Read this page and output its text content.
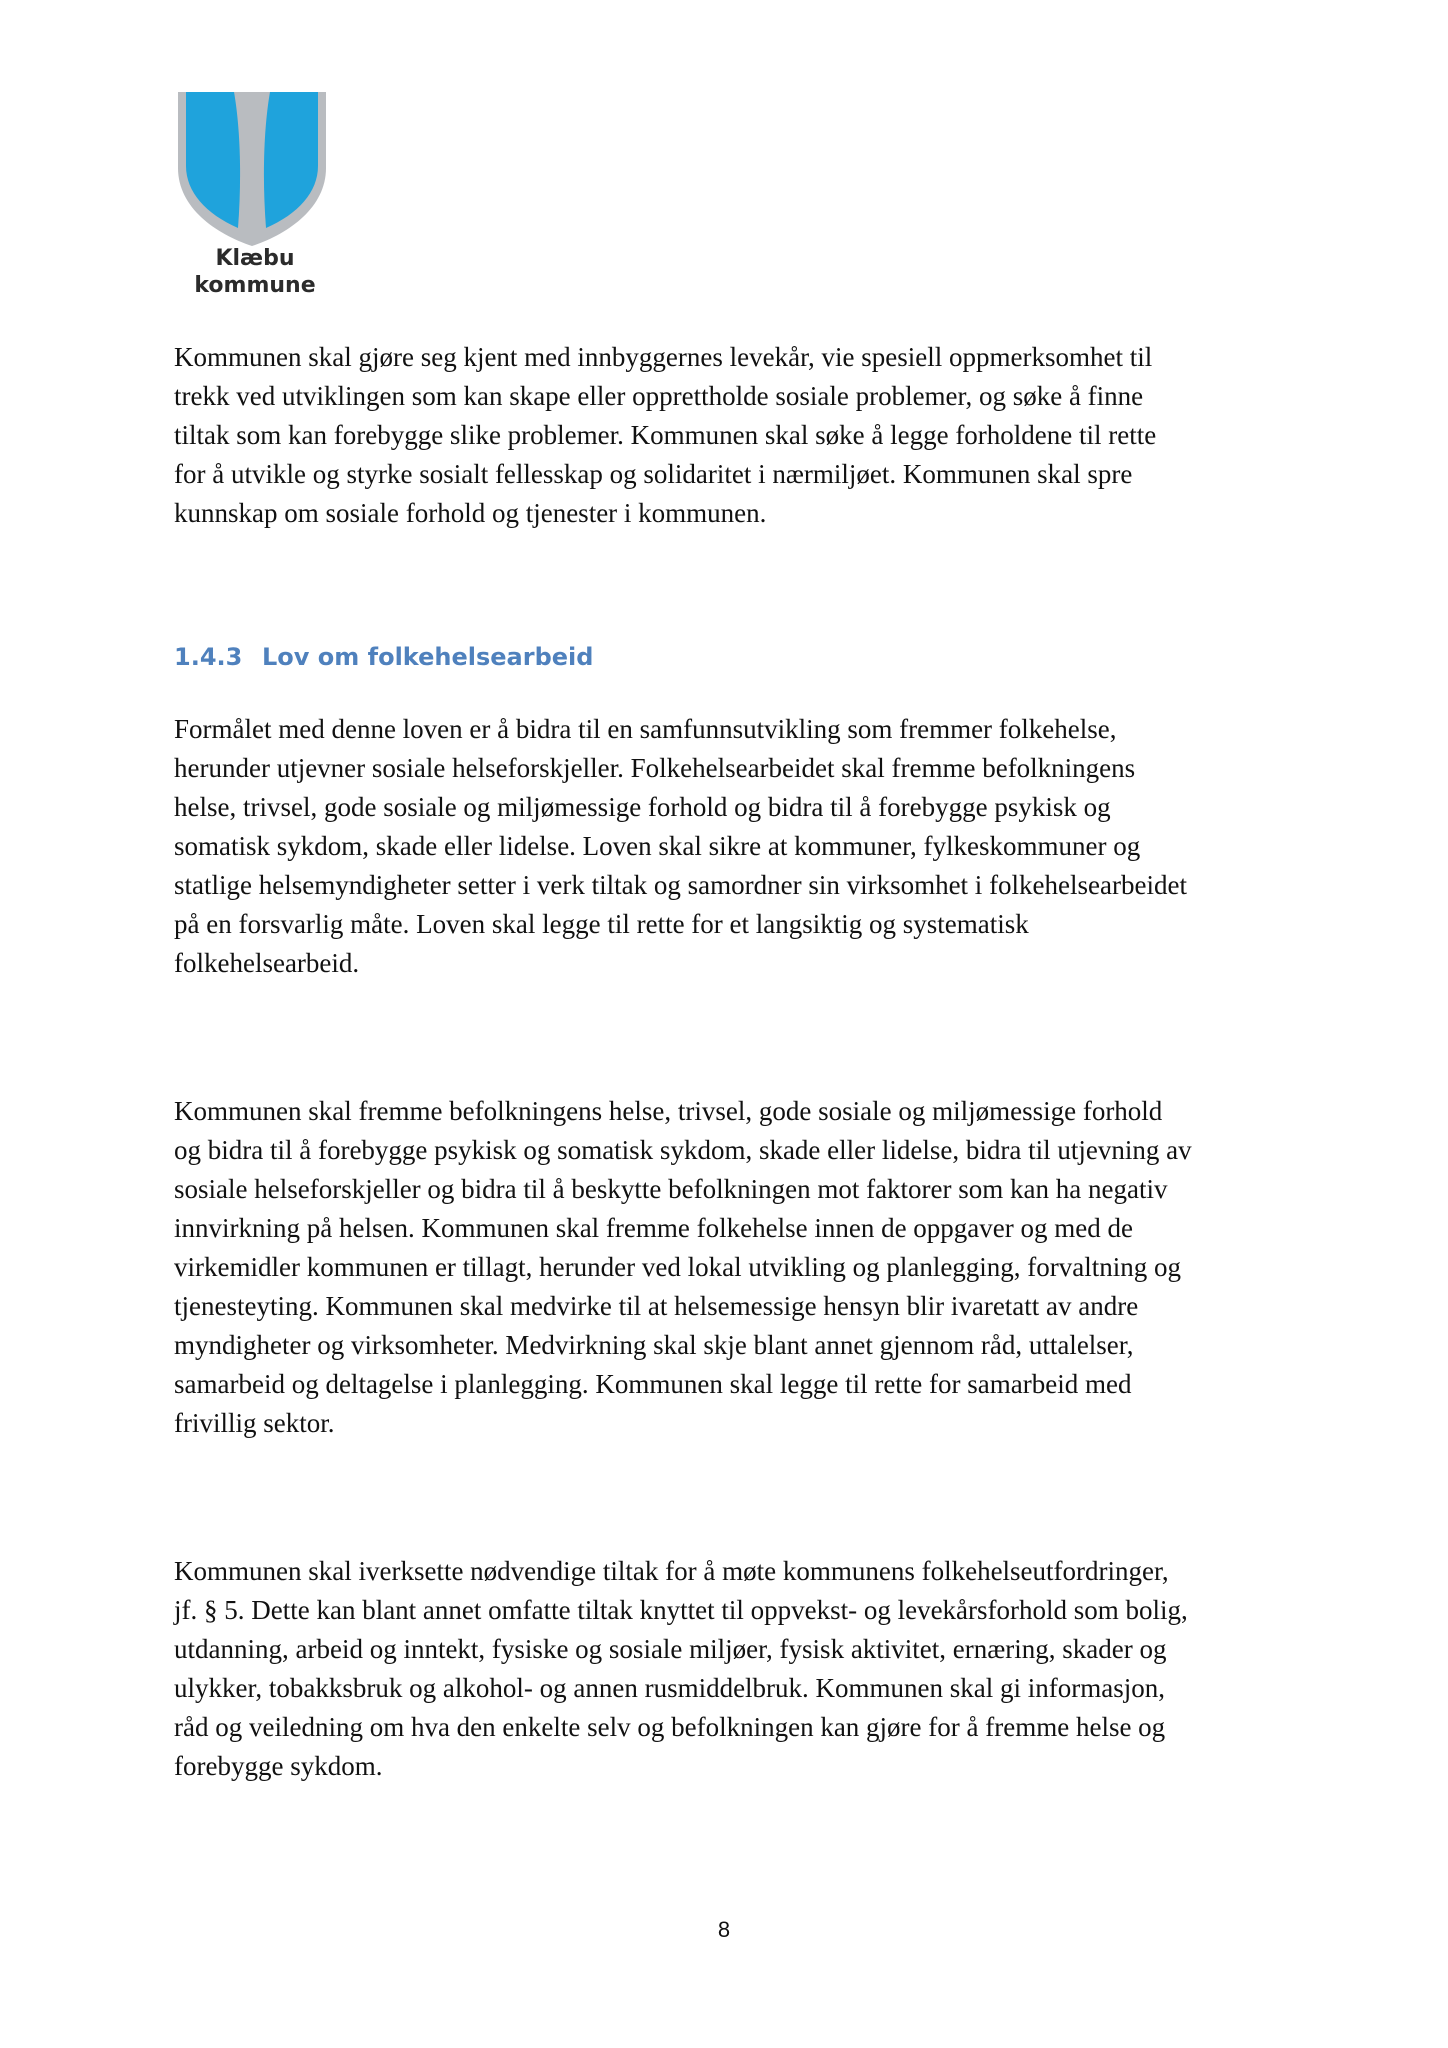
Klæbu
kommune

Kommunen skal gjøre seg kjent med innbyggernes levekår, vie spesiell oppmerksomhet til
trekk ved utviklingen som kan skape eller opprettholde sosiale problemer, og søke å finne
tiltak som kan forebygge slike problemer. Kommunen skal søke å legge forholdene til rette
for å utvikle og styrke sosialt fellesskap og solidaritet i nærmiljøet. Kommunen skal spre
kunnskap om sosiale forhold og tjenester i kommunen.

1.4.3 Lov om folkehelsearbeid

Formålet med denne loven er å bidra til en samfunnsutvikling som fremmer folkehelse,
herunder utjevner sosiale helseforskjeller. Folkehelsearbeidet skal fremme befolkningens
helse, trivsel, gode sosiale og miljømessige forhold og bidra til å forebygge psykisk og
somatisk sykdom, skade eller lidelse. Loven skal sikre at kommuner, fylkeskommuner og
statlige helsemyndigheter setter i verk tiltak og samordner sin virksomhet i folkehelsearbeidet
på en forsvarlig måte. Loven skal legge til rette for et langsiktig og systematisk
folkehelsearbeid.

Kommunen skal fremme befolkningens helse, trivsel, gode sosiale og miljømessige forhold
og bidra til å forebygge psykisk og somatisk sykdom, skade eller lidelse, bidra til utjevning av
sosiale helseforskjeller og bidra til å beskytte befolkningen mot faktorer som kan ha negativ
innvirkning på helsen. Kommunen skal fremme folkehelse innen de oppgaver og med de
virkemidler kommunen er tillagt, herunder ved lokal utvikling og planlegging, forvaltning og
tjenesteyting. Kommunen skal medvirke til at helsemessige hensyn blir ivaretatt av andre
myndigheter og virksomheter. Medvirkning skal skje blant annet gjennom råd, uttalelser,
samarbeid og deltagelse i planlegging. Kommunen skal legge til rette for samarbeid med
frivillig sektor.

Kommunen skal iverksette nødvendige tiltak for å møte kommunens folkehelseutfordringer,
jf. § 5. Dette kan blant annet omfatte tiltak knyttet til oppvekst- og levekårsforhold som bolig,
utdanning, arbeid og inntekt, fysiske og sosiale miljøer, fysisk aktivitet, ernæring, skader og
ulykker, tobakksbruk og alkohol- og annen rusmiddelbruk. Kommunen skal gi informasjon,
råd og veiledning om hva den enkelte selv og befolkningen kan gjøre for å fremme helse og
forebygge sykdom.

8
